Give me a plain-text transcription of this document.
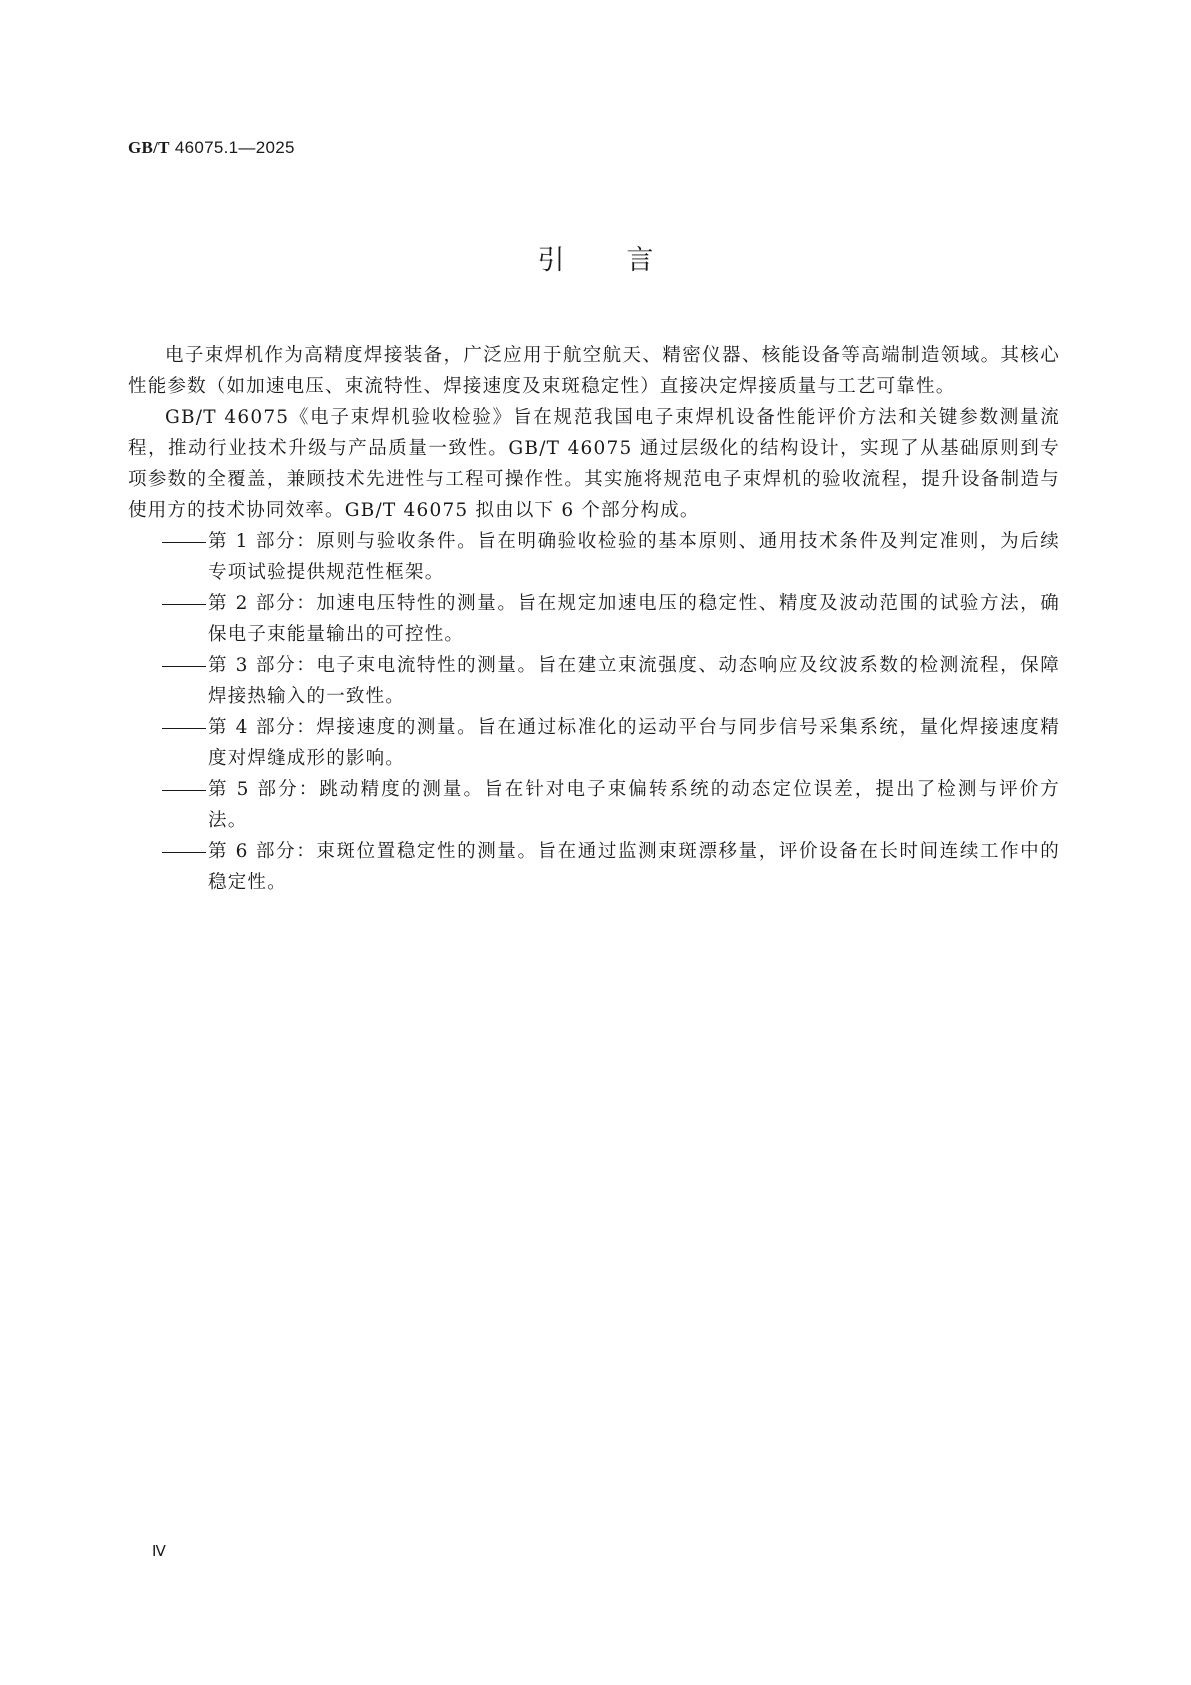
GB/T 46075.1—2025
引言

电子束焊机作为高精度焊接装备，广泛应用于航空航天、精密仪器、核能设备等高端制造领域。其核心性能参数（如加速电压、束流特性、焊接速度及束斑稳定性）直接决定焊接质量与工艺可靠性。

GB/T 46075《电子束焊机验收检验》旨在规范我国电子束焊机设备性能评价方法和关键参数测量流程，推动行业技术升级与产品质量一致性。GB/T 46075 通过层级化的结构设计，实现了从基础原则到专项参数的全覆盖，兼顾技术先进性与工程可操作性。其实施将规范电子束焊机的验收流程，提升设备制造与使用方的技术协同效率。GB/T 46075 拟由以下 6 个部分构成。

第 1 部分：原则与验收条件。旨在明确验收检验的基本原则、通用技术条件及判定准则，为后续专项试验提供规范性框架。
第 2 部分：加速电压特性的测量。旨在规定加速电压的稳定性、精度及波动范围的试验方法，确保电子束能量输出的可控性。
第 3 部分：电子束电流特性的测量。旨在建立束流强度、动态响应及纹波系数的检测流程，保障焊接热输入的一致性。
第 4 部分：焊接速度的测量。旨在通过标准化的运动平台与同步信号采集系统，量化焊接速度精度对焊缝成形的影响。
第 5 部分：跳动精度的测量。旨在针对电子束偏转系统的动态定位误差，提出了检测与评价方法。
第 6 部分：束斑位置稳定性的测量。旨在通过监测束斑漂移量，评价设备在长时间连续工作中的稳定性。
Ⅳ
